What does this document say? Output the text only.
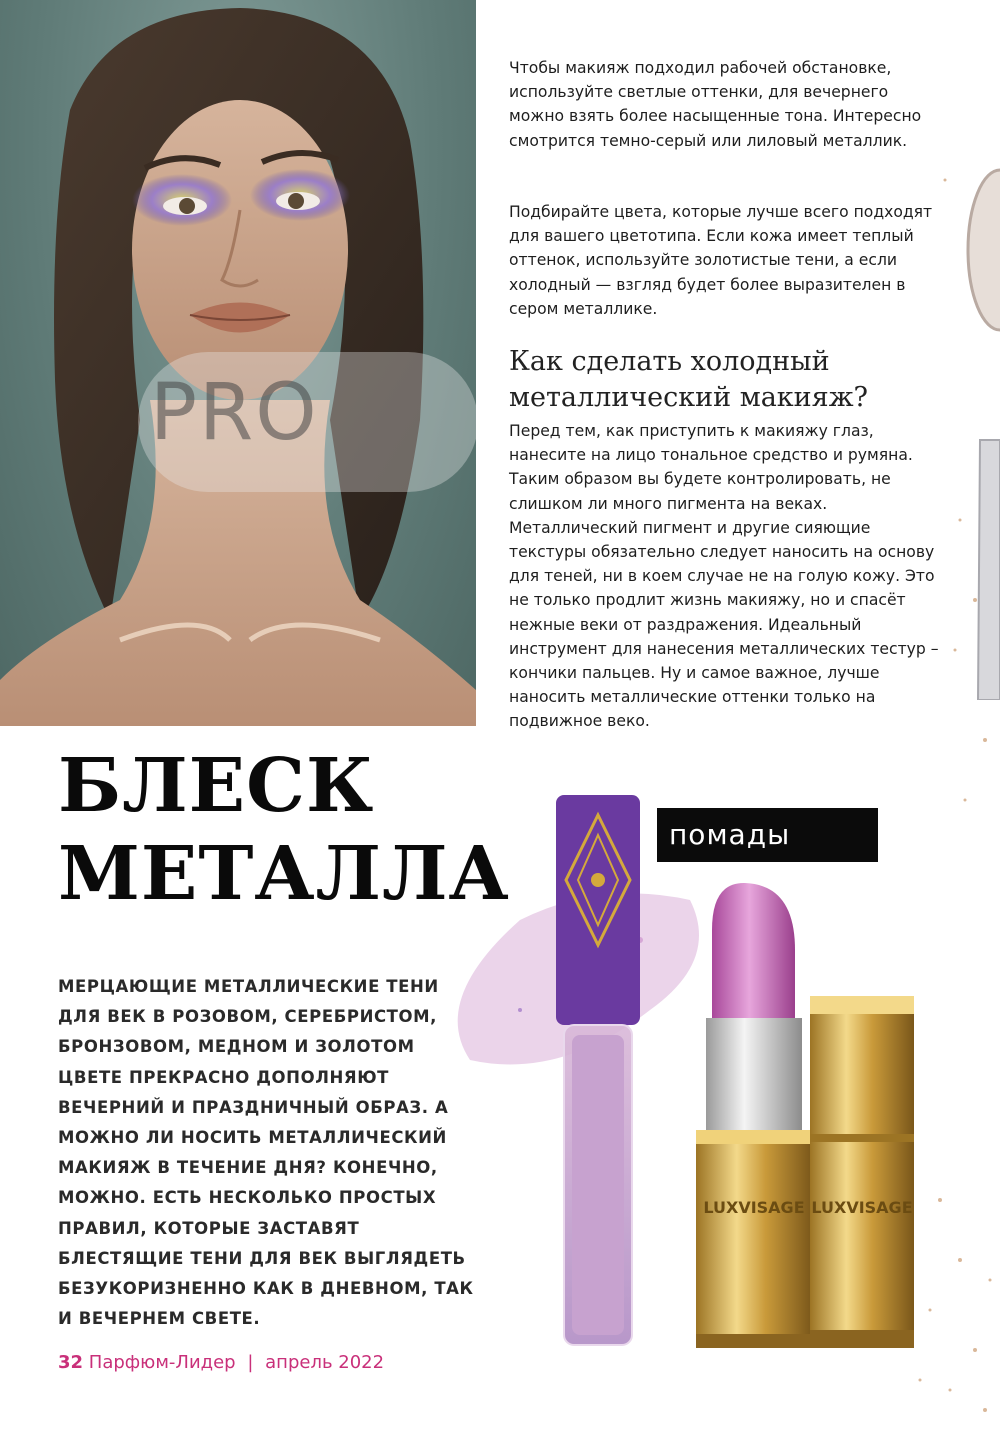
PRO
Чтобы макияж подходил рабочей обстановке, используйте светлые оттенки, для вечернего можно взять более насыщенные тона. Интересно смотрится темно-серый или лиловый металлик.
Подбирайте цвета, которые лучше всего подходят для вашего цветотипа. Если кожа имеет теплый оттенок, используйте золотистые тени, а если холодный — взгляд будет более выразителен в сером металлике.
Как сделать холодный металлический макияж?
Перед тем, как приступить к макияжу глаз, нанесите на лицо тональное средство и румяна. Таким образом вы будете контролировать, не слишком ли много пигмента на веках. Металлический пигмент и другие сияющие текстуры обязательно следует наносить на основу для теней, ни в коем случае не на голую кожу. Это не только продлит жизнь макияжу, но и спасёт нежные веки от раздражения. Идеальный инструмент для нанесения металлических тестур – кончики пальцев. Ну и самое важное, лучше наносить металлические оттенки только на подвижное веко.
БЛЕСК
МЕТАЛЛА
МЕРЦАЮЩИЕ МЕТАЛЛИЧЕСКИЕ ТЕНИ ДЛЯ ВЕК В РОЗОВОМ, СЕРЕБРИСТОМ, БРОНЗОВОМ, МЕДНОМ И ЗОЛОТОМ ЦВЕТЕ ПРЕКРАСНО ДОПОЛНЯЮТ ВЕЧЕРНИЙ И ПРАЗДНИЧНЫЙ ОБРАЗ. А МОЖНО ЛИ НОСИТЬ МЕТАЛЛИЧЕСКИЙ МАКИЯЖ В ТЕЧЕНИЕ ДНЯ? КОНЕЧНО, МОЖНО. ЕСТЬ НЕСКОЛЬКО ПРОСТЫХ ПРАВИЛ, КОТОРЫЕ ЗАСТАВЯТ БЛЕСТЯЩИЕ ТЕНИ ДЛЯ ВЕК ВЫГЛЯДЕТЬ БЕЗУКОРИЗНЕННО КАК В ДНЕВНОМ, ТАК И ВЕЧЕРНЕМ СВЕТЕ.
LUXVISAGE LUXVISAGE
помады
32 Парфюм-Лидер | апрель 2022
